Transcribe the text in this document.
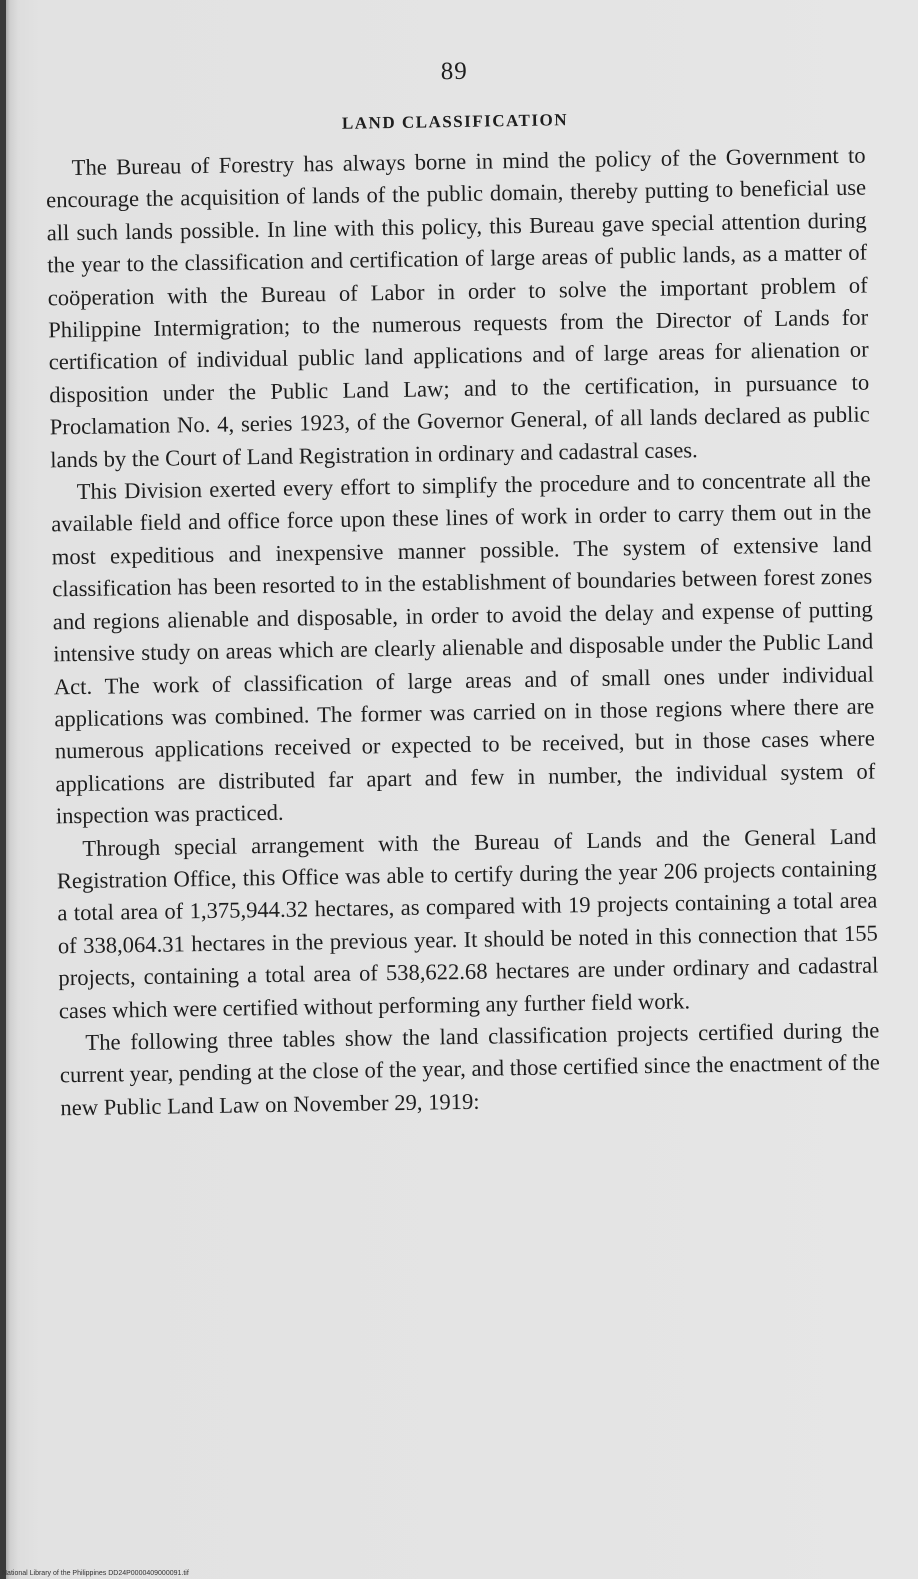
89
LAND CLASSIFICATION

The Bureau of Forestry has always borne in mind the policy of the Government to encourage the acquisition of lands of the public domain, thereby putting to beneficial use all such lands possible. In line with this policy, this Bureau gave special attention during the year to the classification and certification of large areas of public lands, as a matter of coöperation with the Bureau of Labor in order to solve the important problem of Philippine Intermigration; to the numerous requests from the Director of Lands for certification of individual public land applications and of large areas for alienation or disposition under the Public Land Law; and to the certification, in pursuance to Proclamation No. 4, series 1923, of the Governor General, of all lands declared as public lands by the Court of Land Registration in ordinary and cadastral cases.

This Division exerted every effort to simplify the procedure and to concentrate all the available field and office force upon these lines of work in order to carry them out in the most expeditious and inexpensive manner possible. The system of extensive land classification has been resorted to in the establishment of boundaries between forest zones and regions alienable and disposable, in order to avoid the delay and expense of putting intensive study on areas which are clearly alienable and disposable under the Public Land Act. The work of classification of large areas and of small ones under individual applications was combined. The former was carried on in those regions where there are numerous applications received or expected to be received, but in those cases where applications are distributed far apart and few in number, the individual system of inspection was practiced.

Through special arrangement with the Bureau of Lands and the General Land Registration Office, this Office was able to certify during the year 206 projects containing a total area of 1,375,944.32 hectares, as compared with 19 projects containing a total area of 338,064.31 hectares in the previous year. It should be noted in this connection that 155 projects, containing a total area of 538,622.68 hectares are under ordinary and cadastral cases which were certified without performing any further field work.

The following three tables show the land classification projects certified during the current year, pending at the close of the year, and those certified since the enactment of the new Public Land Law on November 29, 1919:

National Library of the Philippines DD24P0000409000091.tif
